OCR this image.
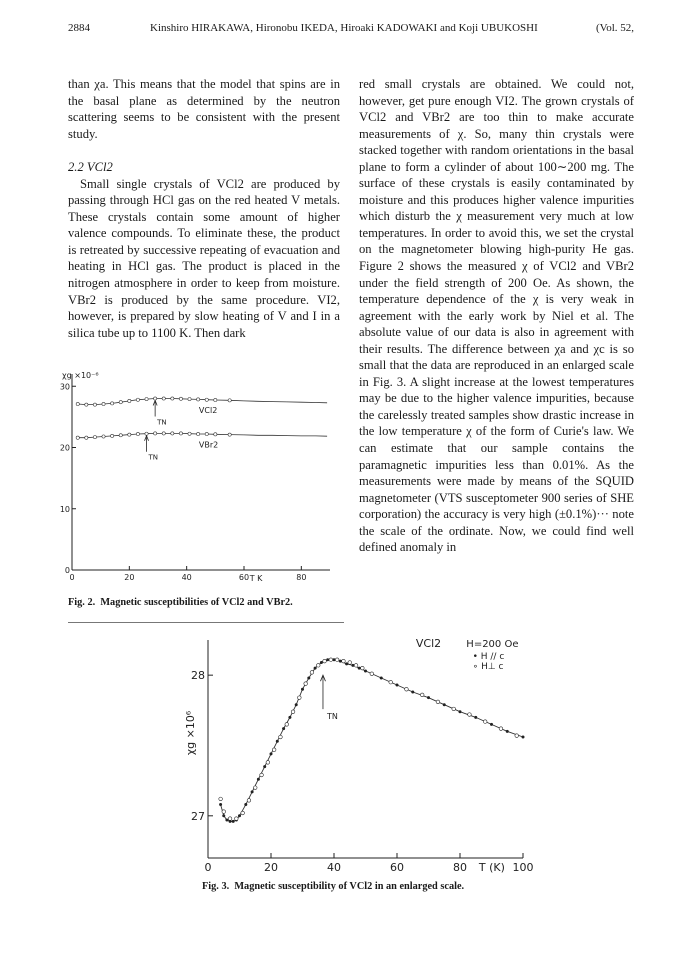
2884	Kinshiro HIRAKAWA, Hironobu IKEDA, Hiroaki KADOWAKI and Koji UBUKOSHI	(Vol. 52,

than χa. This means that the model that spins are in the basal plane as determined by the neutron scattering seems to be consistent with the present study.

2.2 VCl2

Small single crystals of VCl2 are produced by passing through HCl gas on the red heated V metals. These crystals contain some amount of higher valence compounds. To eliminate these, the product is retreated by successive repeating of evacuation and heating in HCl gas. The product is placed in the nitrogen atmosphere in order to keep from moisture. VBr2 is produced by the same procedure. VI2, however, is prepared by slow heating of V and I in a silica tube up to 1100 K. Then dark

red small crystals are obtained. We could not, however, get pure enough VI2. The grown crystals of VCl2 and VBr2 are too thin to make accurate measurements of χ. So, many thin crystals were stacked together with random orientations in the basal plane to form a cylinder of about 100∼200 mg. The surface of these crystals is easily contaminated by moisture and this produces higher valence impurities which disturb the χ measurement very much at low temperatures. In order to avoid this, we set the crystal on the magnetometer blowing high-purity He gas. Figure 2 shows the measured χ of VCl2 and VBr2 under the field strength of 200 Oe. As shown, the temperature dependence of the χ is very weak in agreement with the early work by Niel et al. The absolute value of our data is also in agreement with their results. The difference between χa and χc is so small that the data are reproduced in an enlarged scale in Fig. 3. A slight increase at the lowest temperatures may be due to the higher valence impurities, because the carelessly treated samples show drastic increase in the low temperature χ of the form of Curie's law. We can estimate that our sample contains the paramagnetic impurities less than 0.01%. As the measurements were made by means of the SQUID magnetometer (VTS susceptometer 900 series of SHE corporation) the accuracy is very high (±0.1%)··· note the scale of the ordinate. Now, we could find well defined anomaly in

0	20	40	60	80
0
10
20
30
χg ×10⁻⁶
T K
VCl2
VBr2
TN
TN
Fig. 2. Magnetic susceptibilities of VCl2 and VBr2.
0	20	40	60	80	100
27
28
χg ×10⁶
T (K)
VCl2	H=200 Oe
• H // c
∘ H⊥ c
TN
Fig. 3. Magnetic susceptibility of VCl2 in an enlarged scale.
